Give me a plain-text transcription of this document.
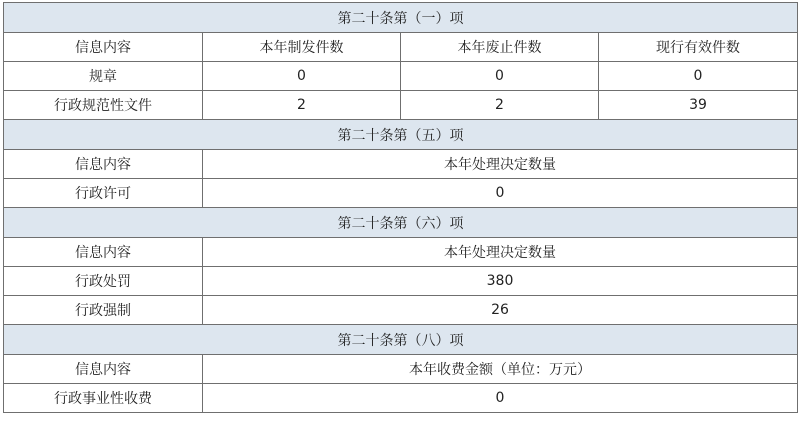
第二十条第（一）项			
信息内容	本年制发件数	本年废止件数	现行有效件数
规章	0	0	0
行政规范性文件	2	2	39
第二十条第（五）项			
信息内容	本年处理决定数量		
行政许可	0		
第二十条第（六）项			
信息内容	本年处理决定数量		
行政处罚	380		
行政强制	26		
第二十条第（八）项			
信息内容	本年收费金额（单位：万元）		
行政事业性收费	0		
